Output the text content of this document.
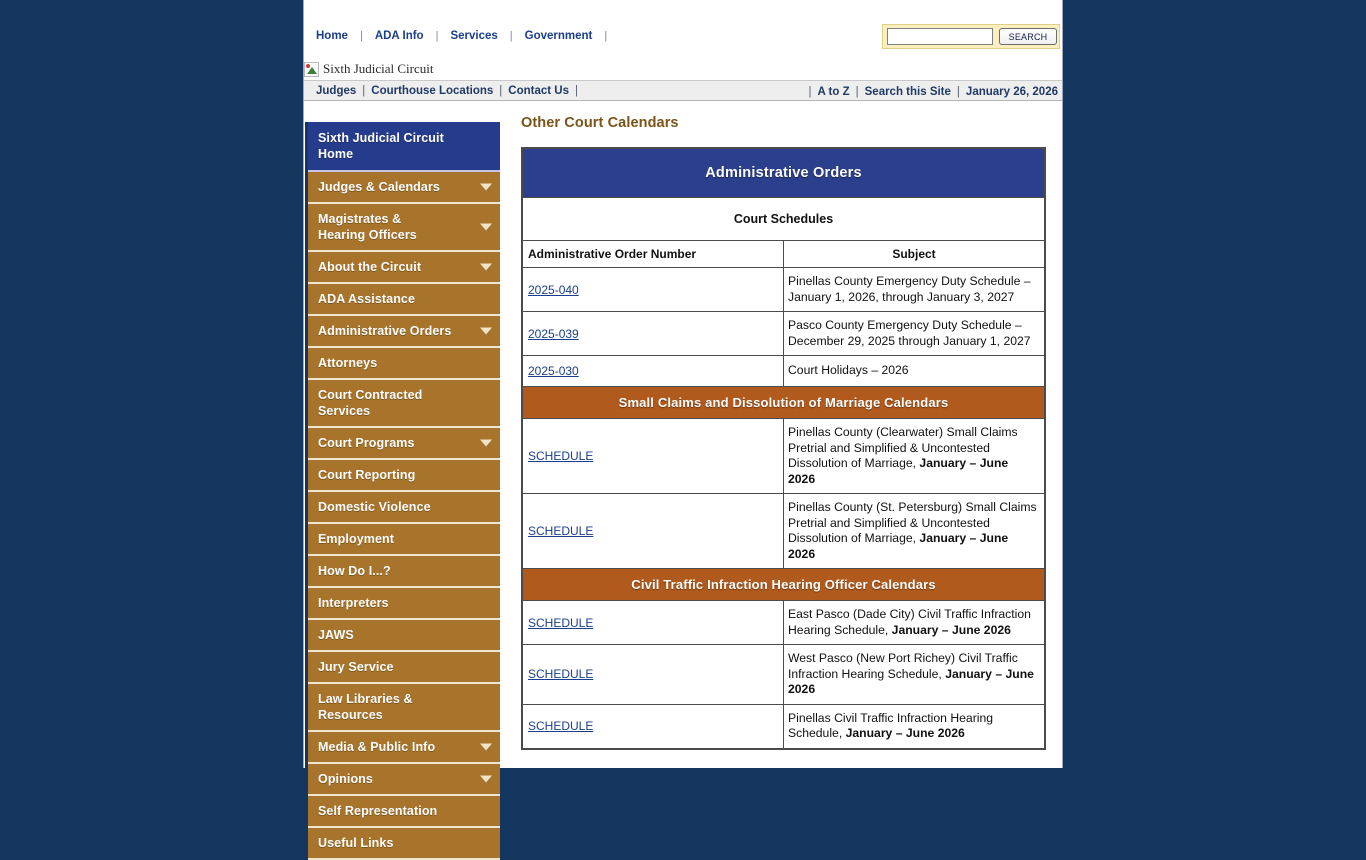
Home | ADA Info | Services | Government |	SEARCH
Sixth Judicial Circuit
Judges | Courthouse Locations | Contact Us |	| A to Z | Search this Site | January 26, 2026
Sixth Judicial Circuit Home
Judges & Calendars
Magistrates &
Hearing Officers
About the Circuit
ADA Assistance
Administrative Orders
Attorneys
Court Contracted Services
Court Programs
Court Reporting
Domestic Violence
Employment
How Do I...?
Interpreters
JAWS
Jury Service
Law Libraries & Resources
Media & Public Info
Opinions
Self Representation
Useful Links
Other Court Calendars
Administrative Orders	
Court Schedules	
Administrative Order Number	Subject
2025-040	Pinellas County Emergency Duty Schedule – January 1, 2026, through January 3, 2027
2025-039	Pasco County Emergency Duty Schedule – December 29, 2025 through January 1, 2027
2025-030	Court Holidays – 2026
Small Claims and Dissolution of Marriage Calendars	
SCHEDULE	Pinellas County (Clearwater) Small Claims Pretrial and Simplified & Uncontested Dissolution of Marriage, January – June 2026
SCHEDULE	Pinellas County (St. Petersburg) Small Claims Pretrial and Simplified & Uncontested Dissolution of Marriage, January – June 2026
Civil Traffic Infraction Hearing Officer Calendars	
SCHEDULE	East Pasco (Dade City) Civil Traffic Infraction Hearing Schedule, January – June 2026
SCHEDULE	West Pasco (New Port Richey) Civil Traffic Infraction Hearing Schedule, January – June 2026
SCHEDULE	Pinellas Civil Traffic Infraction Hearing Schedule, January – June 2026
